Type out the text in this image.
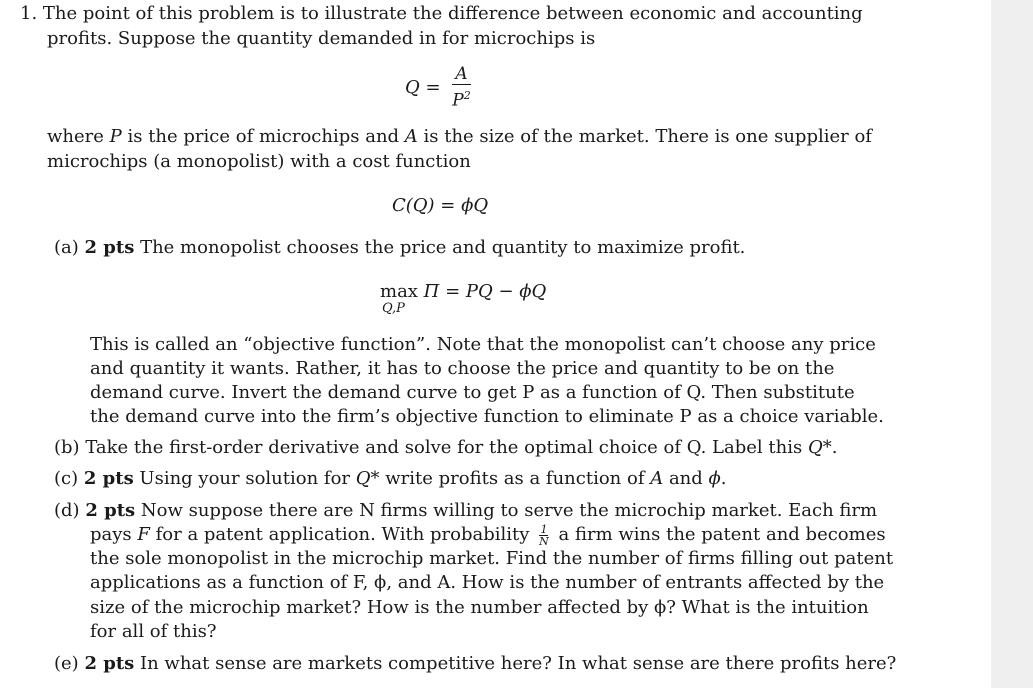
1. The point of this problem is to illustrate the difference between economic and accounting
profits. Suppose the quantity demanded in for microchips is
$Q = \frac{A}{P^2}$
where P is the price of microchips and A is the size of the market. There is one supplier of
microchips (a monopolist) with a cost function
C(Q) = ϕQ
(a) 2 pts The monopolist chooses the price and quantity to maximize profit.
max
Q,P
Π = PQ − ϕQ
This is called an “objective function”. Note that the monopolist can’t choose any price
and quantity it wants. Rather, it has to choose the price and quantity to be on the
demand curve. Invert the demand curve to get P as a function of Q. Then substitute
the demand curve into the firm’s objective function to eliminate P as a choice variable.
(b) Take the first-order derivative and solve for the optimal choice of Q. Label this Q*.
(c) 2 pts Using your solution for Q* write profits as a function of A and ϕ.
(d) 2 pts Now suppose there are N firms willing to serve the microchip market. Each firm
pays F for a patent application. With probability $\frac{1}{N}$ a firm wins the patent and becomes
the sole monopolist in the microchip market. Find the number of firms filling out patent
applications as a function of F, ϕ, and A. How is the number of entrants affected by the
size of the microchip market? How is the number affected by ϕ? What is the intuition
for all of this?
(e) 2 pts In what sense are markets competitive here? In what sense are there profits here?
